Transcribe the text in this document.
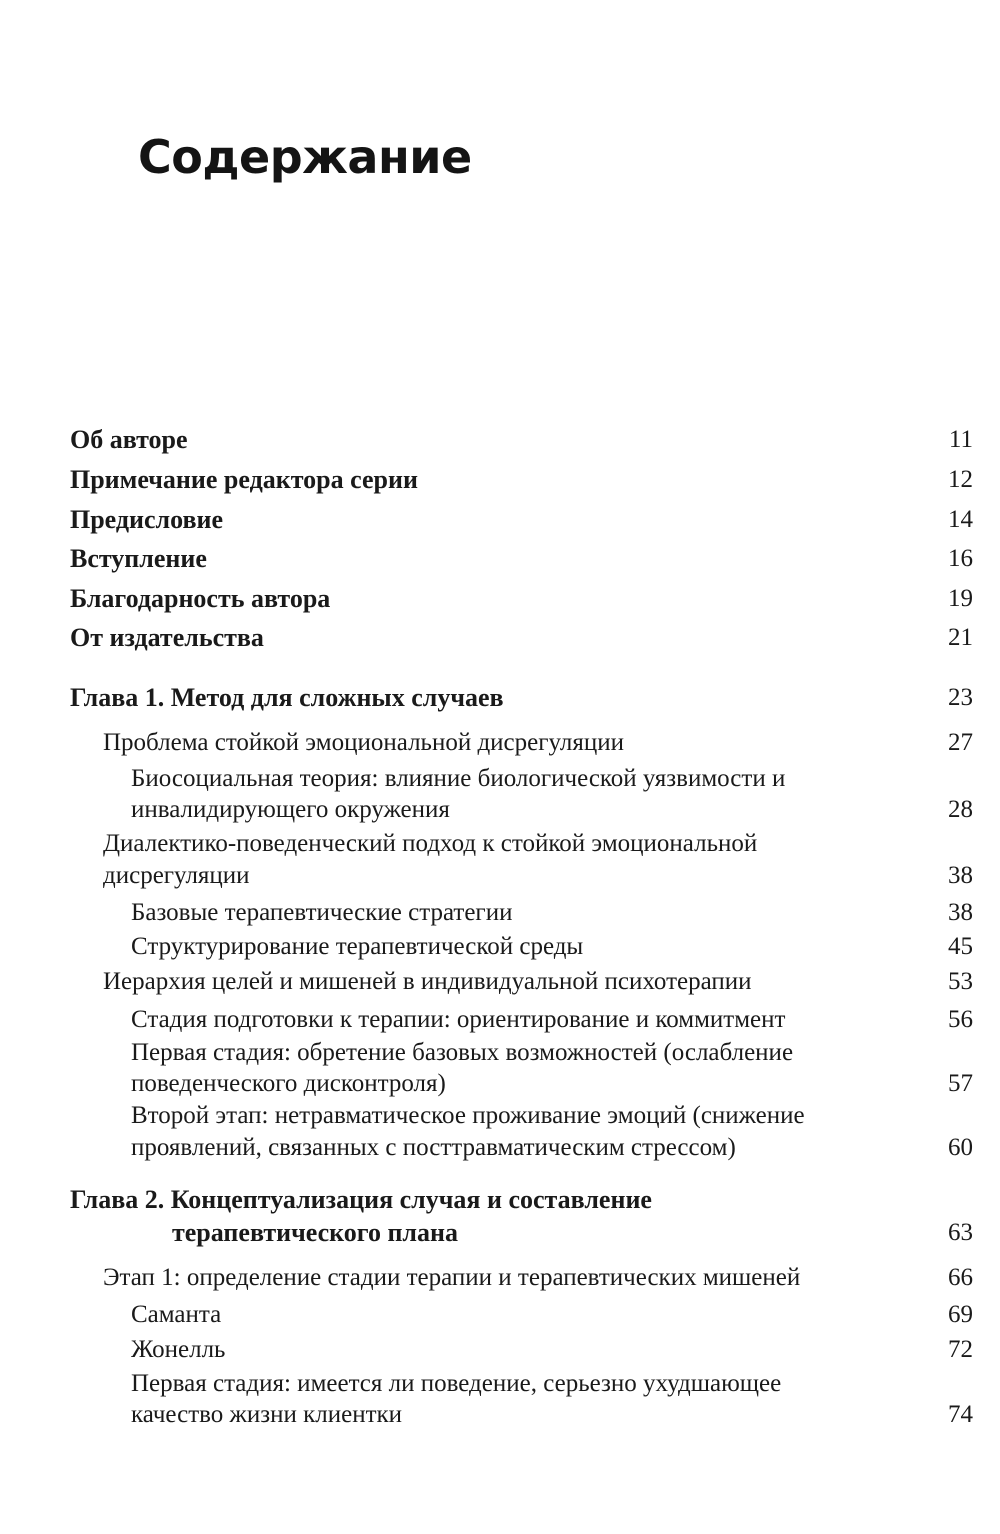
Содержание
Об авторе	11
Примечание редактора серии	12
Предисловие	14
Вступление	16
Благодарность автора	19
От издательства	21
Глава 1. Метод для сложных случаев	23
Проблема стойкой эмоциональной дисрегуляции	27
Биосоциальная теория: влияние биологической уязвимости и
инвалидирующего окружения	28
Диалектико-поведенческий подход к стойкой эмоциональной
дисрегуляции	38
Базовые терапевтические стратегии	38
Структурирование терапевтической среды	45
Иерархия целей и мишеней в индивидуальной психотерапии	53
Стадия подготовки к терапии: ориентирование и коммитмент	56
Первая стадия: обретение базовых возможностей (ослабление
поведенческого дисконтроля)	57
Второй этап: нетравматическое проживание эмоций (снижение
проявлений, связанных с посттравматическим стрессом)	60
Глава 2. Концептуализация случая и составление
терапевтического плана	63
Этап 1: определение стадии терапии и терапевтических мишеней	66
Саманта	69
Жонелль	72
Первая стадия: имеется ли поведение, серьезно ухудшающее
качество жизни клиентки	74
